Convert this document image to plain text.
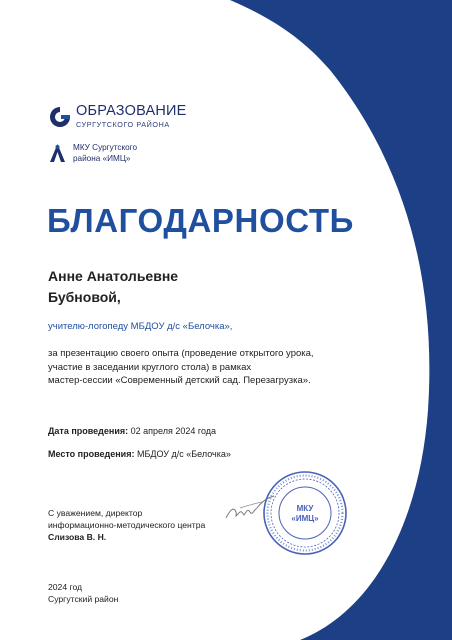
ОБРАЗОВАНИЕ
СУРГУТСКОГО РАЙОНА
МКУ Сургутского
района «ИМЦ»
БЛАГОДАРНОСТЬ
Анне Анатольевне
Бубновой,
учителю-логопеду МБДОУ д/с «Белочка»,
за презентацию своего опыта (проведение открытого урока,
участие в заседании круглого стола) в рамках
мастер-сессии «Современный детский сад. Перезагрузка».
Дата проведения: 02 апреля 2024 года
Место проведения: МБДОУ д/с «Белочка»
С уважением, директор
информационно-методического центра
Слизова В. Н.
МКУ
«ИМЦ»
2024 год
Сургутский район
